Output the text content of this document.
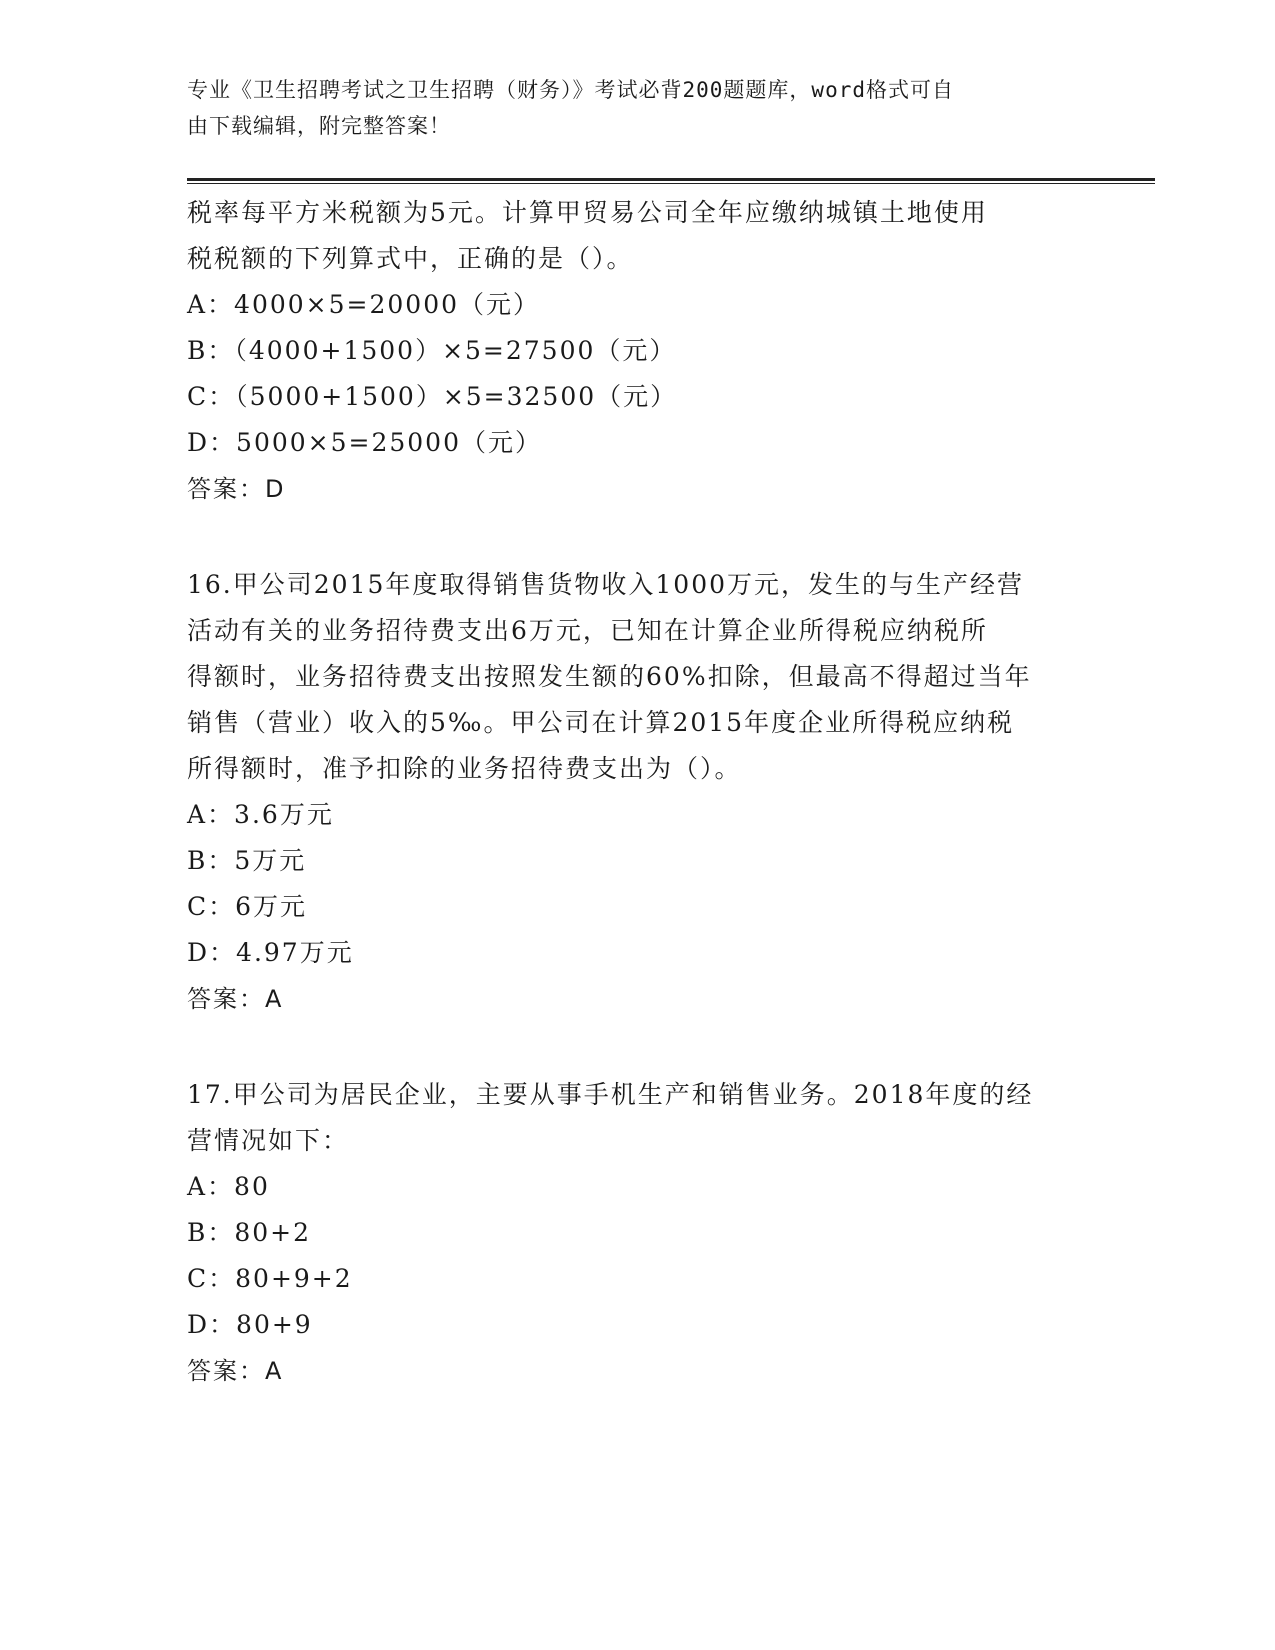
专业《卫生招聘考试之卫生招聘（财务）》考试必背200题题库，word格式可自
由下载编辑，附完整答案！
税率每平方米税额为5元。计算甲贸易公司全年应缴纳城镇土地使用
税税额的下列算式中，正确的是（）。
A：4000×5=20000（元）
B：（4000+1500）×5=27500（元）
C：（5000+1500）×5=32500（元）
D：5000×5=25000（元）
答案：D
16.甲公司2015年度取得销售货物收入1000万元，发生的与生产经营
活动有关的业务招待费支出6万元，已知在计算企业所得税应纳税所
得额时，业务招待费支出按照发生额的60%扣除，但最高不得超过当年
销售（营业）收入的5‰。甲公司在计算2015年度企业所得税应纳税
所得额时，准予扣除的业务招待费支出为（）。
A：3.6万元
B：5万元
C：6万元
D：4.97万元
答案：A
17.甲公司为居民企业，主要从事手机生产和销售业务。2018年度的经
营情况如下：
A：80
B：80+2
C：80+9+2
D：80+9
答案：A
